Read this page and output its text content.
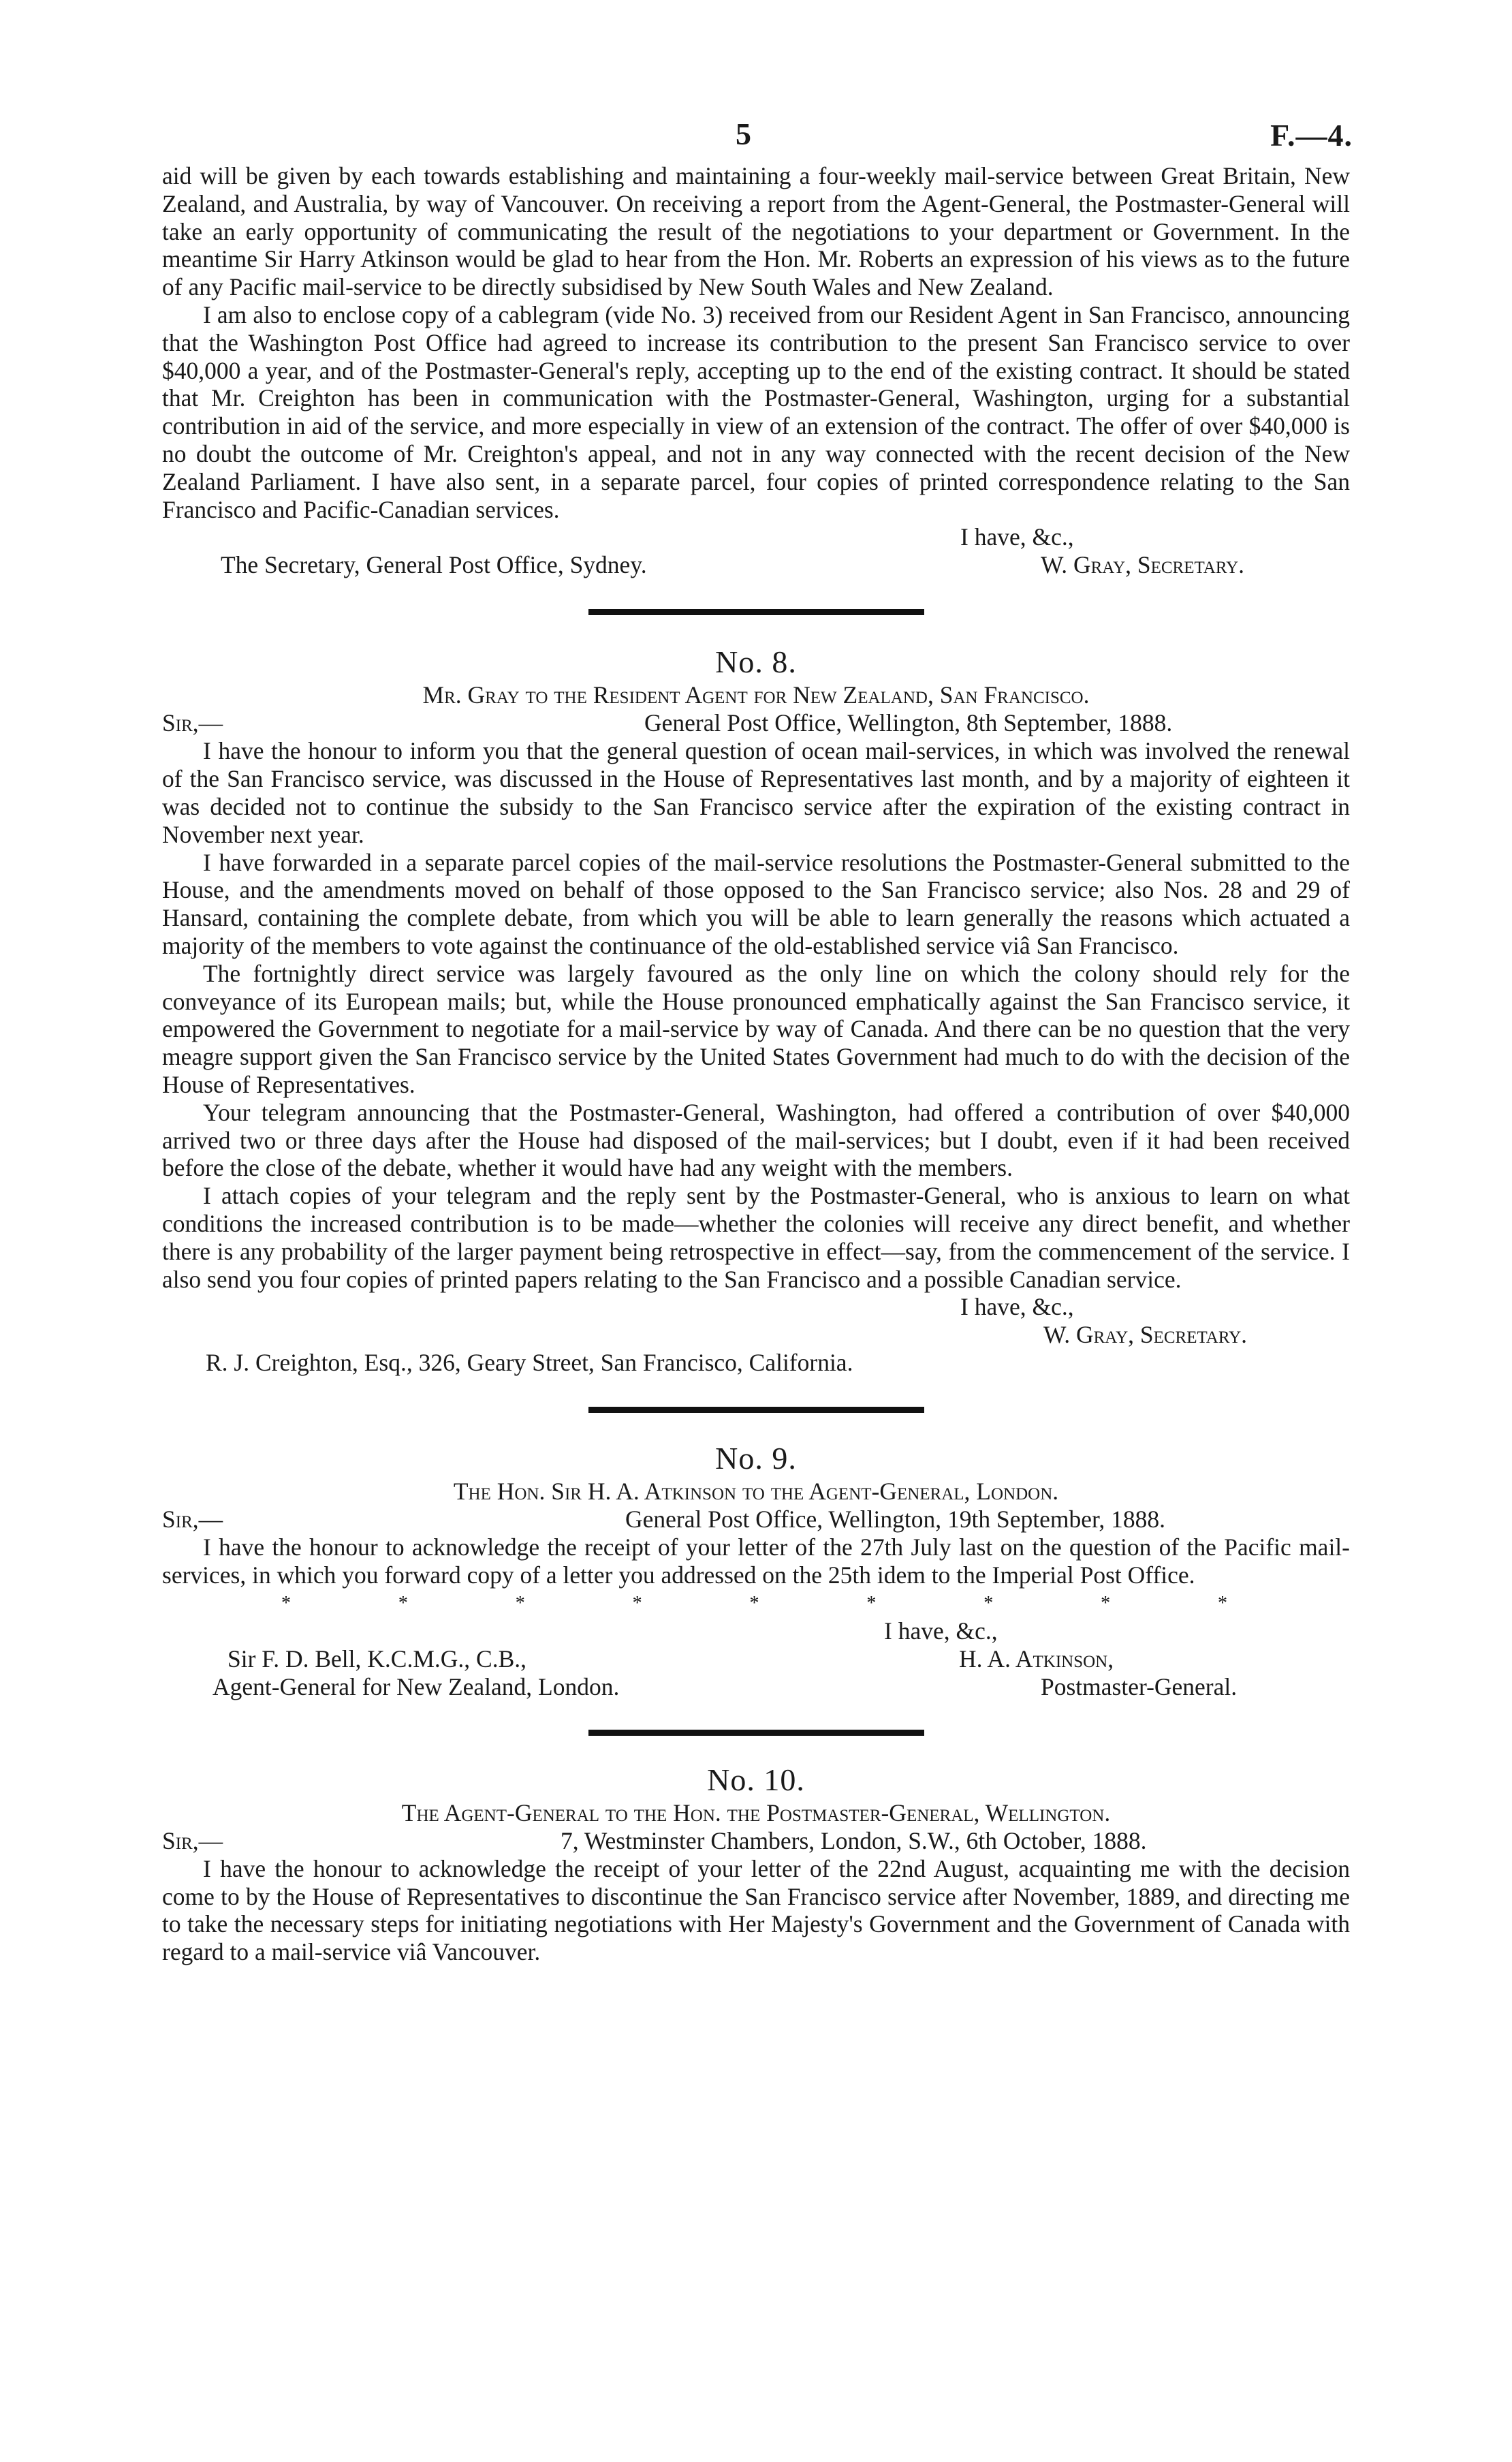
5	F.—4.

aid will be given by each towards establishing and maintaining a four-weekly mail-service between Great Britain, New Zealand, and Australia, by way of Vancouver. On receiving a report from the Agent-General, the Postmaster-General will take an early opportunity of communicating the result of the negotiations to your department or Government. In the meantime Sir Harry Atkinson would be glad to hear from the Hon. Mr. Roberts an expression of his views as to the future of any Pacific mail-service to be directly subsidised by New South Wales and New Zealand.

I am also to enclose copy of a cablegram (vide No. 3) received from our Resident Agent in San Francisco, announcing that the Washington Post Office had agreed to increase its contribution to the present San Francisco service to over $40,000 a year, and of the Postmaster-General's reply, accepting up to the end of the existing contract. It should be stated that Mr. Creighton has been in communication with the Postmaster-General, Washington, urging for a substantial contribution in aid of the service, and more especially in view of an extension of the contract. The offer of over $40,000 is no doubt the outcome of Mr. Creighton's appeal, and not in any way connected with the recent decision of the New Zealand Parliament. I have also sent, in a separate parcel, four copies of printed correspondence relating to the San Francisco and Pacific-Canadian services.

I have, &c.,
The Secretary, General Post Office, Sydney.	W. Gray, Secretary.
No. 8.
Mr. Gray to the Resident Agent for New Zealand, San Francisco.
Sir,—	General Post Office, Wellington, 8th September, 1888.

I have the honour to inform you that the general question of ocean mail-services, in which was involved the renewal of the San Francisco service, was discussed in the House of Representatives last month, and by a majority of eighteen it was decided not to continue the subsidy to the San Francisco service after the expiration of the existing contract in November next year.

I have forwarded in a separate parcel copies of the mail-service resolutions the Postmaster-General submitted to the House, and the amendments moved on behalf of those opposed to the San Francisco service; also Nos. 28 and 29 of Hansard, containing the complete debate, from which you will be able to learn generally the reasons which actuated a majority of the members to vote against the continuance of the old-established service viâ San Francisco.

The fortnightly direct service was largely favoured as the only line on which the colony should rely for the conveyance of its European mails; but, while the House pronounced emphatically against the San Francisco service, it empowered the Government to negotiate for a mail-service by way of Canada. And there can be no question that the very meagre support given the San Francisco service by the United States Government had much to do with the decision of the House of Representatives.

Your telegram announcing that the Postmaster-General, Washington, had offered a contribution of over $40,000 arrived two or three days after the House had disposed of the mail-services; but I doubt, even if it had been received before the close of the debate, whether it would have had any weight with the members.

I attach copies of your telegram and the reply sent by the Postmaster-General, who is anxious to learn on what conditions the increased contribution is to be made—whether the colonies will receive any direct benefit, and whether there is any probability of the larger payment being retrospective in effect—say, from the commencement of the service. I also send you four copies of printed papers relating to the San Francisco and a possible Canadian service.

I have, &c.,
W. Gray, Secretary.
R. J. Creighton, Esq., 326, Geary Street, San Francisco, California.
No. 9.
The Hon. Sir H. A. Atkinson to the Agent-General, London.
Sir,—	General Post Office, Wellington, 19th September, 1888.

I have the honour to acknowledge the receipt of your letter of the 27th July last on the question of the Pacific mail-services, in which you forward copy of a letter you addressed on the 25th idem to the Imperial Post Office.

*	*	*	*	*	*	*	*	*
I have, &c.,
Sir F. D. Bell, K.C.M.G., C.B.,	H. A. Atkinson,
Agent-General for New Zealand, London.	Postmaster-General.
No. 10.
The Agent-General to the Hon. the Postmaster-General, Wellington.
Sir,—	7, Westminster Chambers, London, S.W., 6th October, 1888.

I have the honour to acknowledge the receipt of your letter of the 22nd August, acquainting me with the decision come to by the House of Representatives to discontinue the San Francisco service after November, 1889, and directing me to take the necessary steps for initiating negotiations with Her Majesty's Government and the Government of Canada with regard to a mail-service viâ Vancouver.
